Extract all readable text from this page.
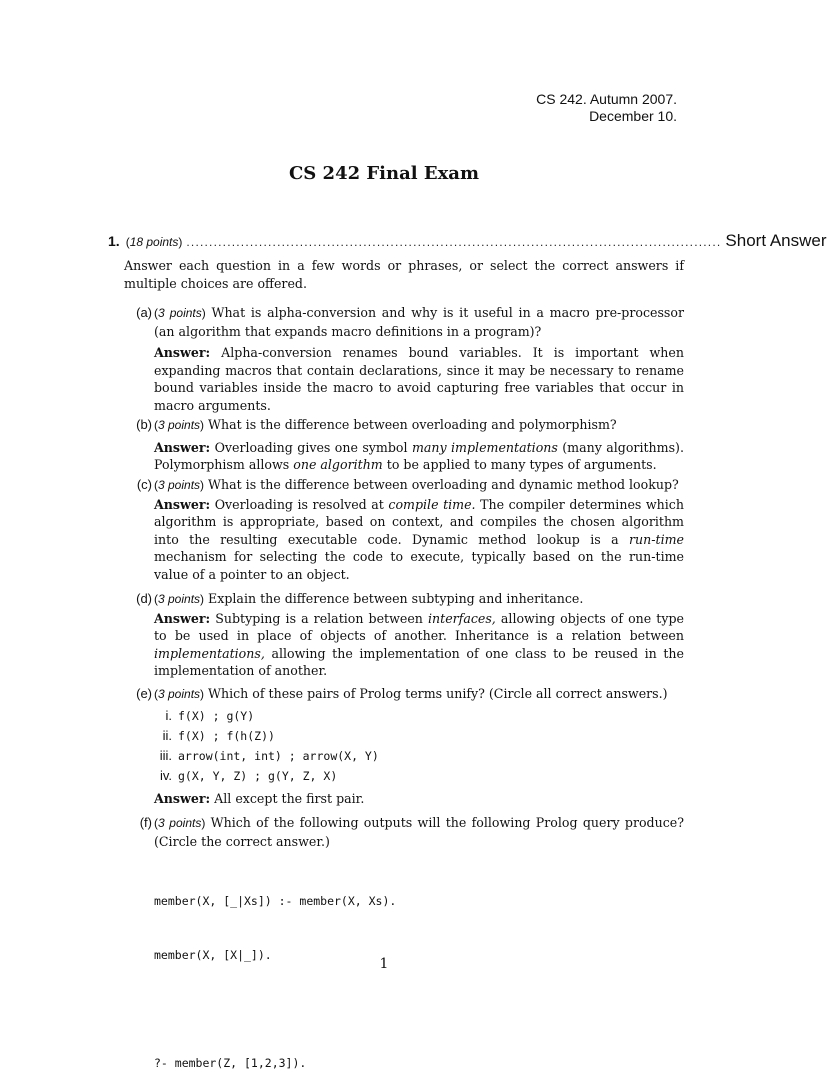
CS 242. Autumn 2007.
December 10.
CS 242 Final Exam
1. (18 points) ...................................................................................................................... Short Answer
Answer each question in a few words or phrases, or select the correct answers if multiple choices are offered.
(a) (3 points) What is alpha-conversion and why is it useful in a macro pre-processor (an algorithm that expands macro definitions in a program)?
Answer: Alpha-conversion renames bound variables. It is important when expanding macros that contain declarations, since it may be necessary to rename bound variables inside the macro to avoid capturing free variables that occur in macro arguments.
(b) (3 points) What is the difference between overloading and polymorphism?
Answer: Overloading gives one symbol many implementations (many algorithms). Polymorphism allows one algorithm to be applied to many types of arguments.
(c) (3 points) What is the difference between overloading and dynamic method lookup?
Answer: Overloading is resolved at compile time. The compiler determines which algorithm is appropriate, based on context, and compiles the chosen algorithm into the resulting executable code. Dynamic method lookup is a run-time mechanism for selecting the code to execute, typically based on the run-time value of a pointer to an object.
(d) (3 points) Explain the difference between subtyping and inheritance.
Answer: Subtyping is a relation between interfaces, allowing objects of one type to be used in place of objects of another. Inheritance is a relation between implementations, allowing the implementation of one class to be reused in the implementation of another.
(e) (3 points) Which of these pairs of Prolog terms unify? (Circle all correct answers.)
i. f(X) ; g(Y)
ii. f(X) ; f(h(Z))
iii. arrow(int, int) ; arrow(X, Y)
iv. g(X, Y, Z) ; g(Y, Z, X)
Answer: All except the first pair.
(f) (3 points) Which of the following outputs will the following Prolog query produce? (Circle the correct answer.)

member(X, [_|Xs]) :- member(X, Xs).

member(X, [X|_]).

?- member(Z, [1,2,3]).

1
